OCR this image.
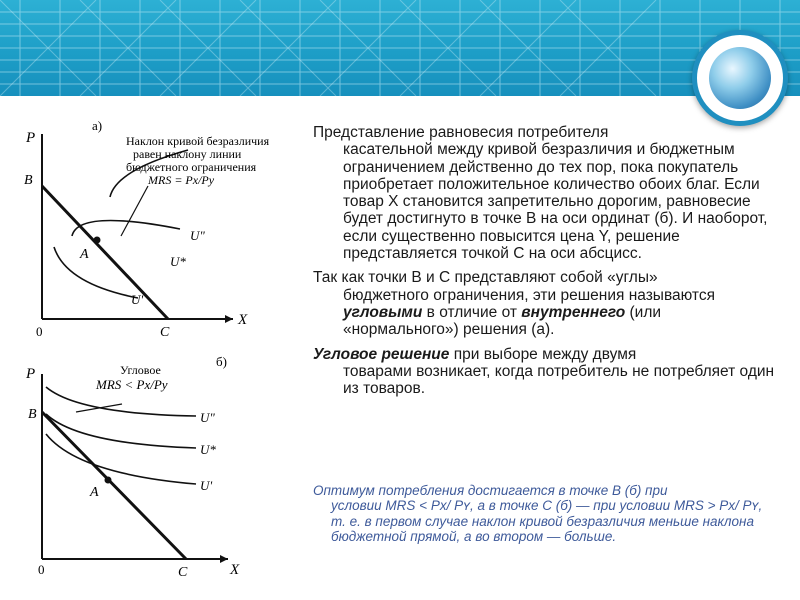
P
X
0
B
C
A
U"
U*
U'
а)
Наклон кривой безразличия
равен наклону линии
бюджетного ограничения
MRS = Px/Py
P
X
0
B
C
A
U"
U*
U'
б)
Угловое
MRS < Px/Py

Представление равновесия потребителя
касательной между кривой безразличия и бюджетным ограничением действенно до тех пор, пока покупатель приобретает положительное количество обоих благ. Если товар X становится запретительно дорогим, равновесие будет достигнуто в точке B на оси ординат (б). И наоборот, если существенно повысится цена Y, решение представляется точкой C на оси абсцисс.

Так как точки B и C представляют собой «углы»
бюджетного ограничения, эти решения называются угловыми в отличие от внутреннего (или «нормального») решения (а).

Угловое решение при выборе между двумя
товарами возникает, когда потребитель не потребляет один из товаров.

Оптимум потребления достигается в точке B (б) при
условии MRS < Px/ Pʏ, а в точке C (б) — при условии MRS > Px/ Pʏ, т. е. в первом случае наклон кривой безразличия меньше наклона бюджетной прямой, а во втором — больше.
